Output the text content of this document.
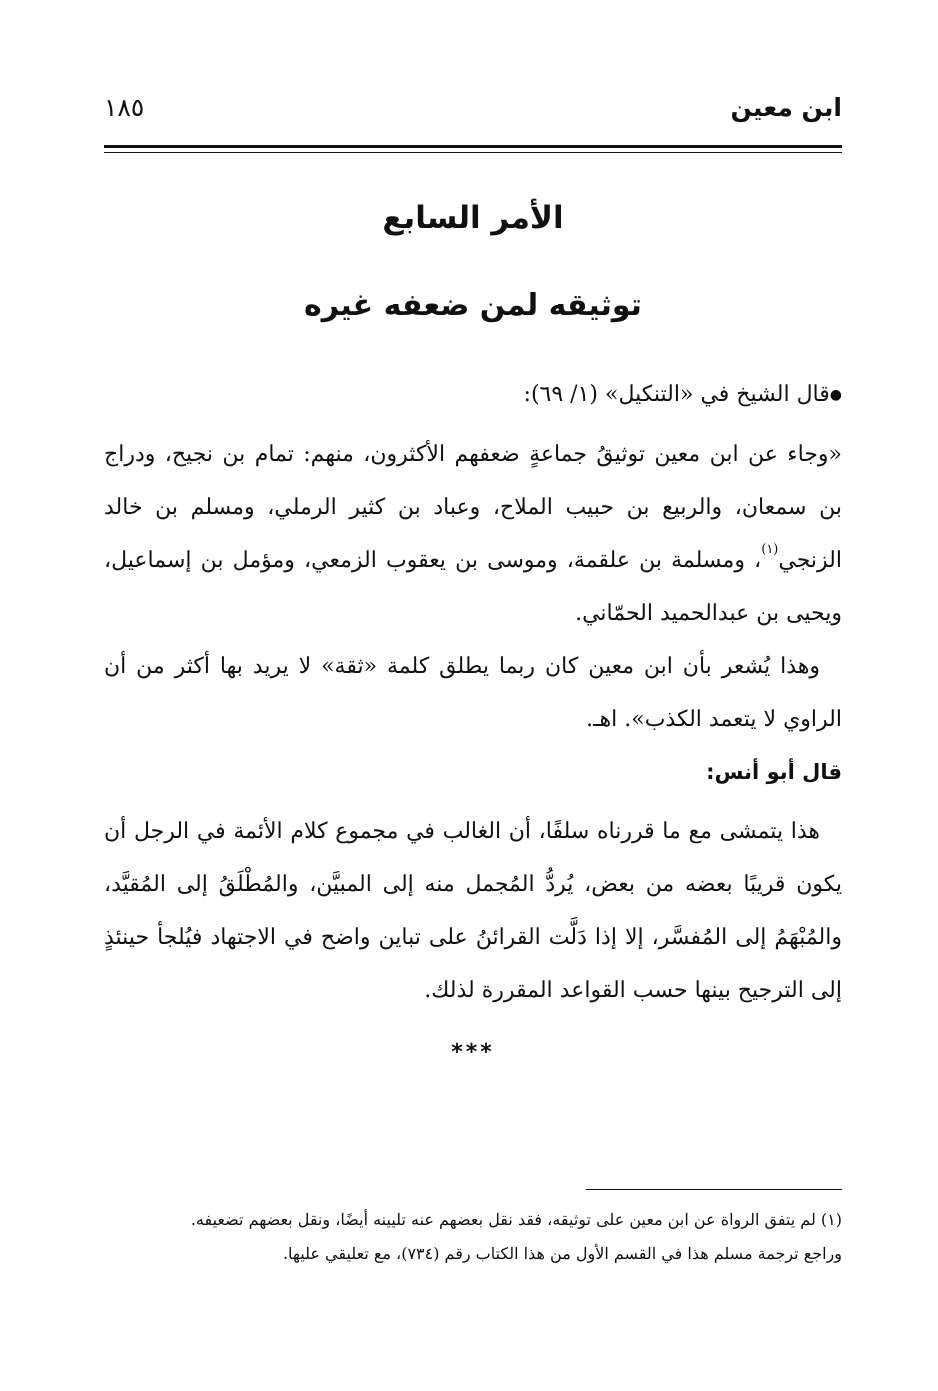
ابن معين
١٨٥
الأمر السابع
توثيقه لمن ضعفه غيره

●قال الشيخ في «التنكيل» (١/ ٦٩):

«وجاء عن ابن معين توثيقُ جماعةٍ ضعفهم الأكثرون، منهم: تمام بن نجيح، ودراج بن سمعان، والربيع بن حبيب الملاح، وعباد بن كثير الرملي، ومسلم بن خالد الزنجي$^{(١)}$، ومسلمة بن علقمة، وموسى بن يعقوب الزمعي، ومؤمل بن إسماعيل، ويحيى بن عبدالحميد الحمّاني.

وهذا يُشعر بأن ابن معين كان ربما يطلق كلمة «ثقة» لا يريد بها أكثر من أن الراوي لا يتعمد الكذب». اهـ.

قال أبو أنس:

هذا يتمشى مع ما قررناه سلفًا، أن الغالب في مجموع كلام الأئمة في الرجل أن يكون قريبًا بعضه من بعض، يُردُّ المُجمل منه إلى المبيَّن، والمُطْلَقُ إلى المُقيَّد، والمُبْهَمُ إلى المُفسَّر، إلا إذا دَلَّت القرائنُ على تباين واضح في الاجتهاد فيُلجأ حينئذٍ إلى الترجيح بينها حسب القواعد المقررة لذلك.

***

(١) لم يتفق الرواة عن ابن معين على توثيقه، فقد نقل بعضهم عنه تليينه أيضًا، ونقل بعضهم تضعيفه.

وراجع ترجمة مسلم هذا في القسم الأول من هذا الكتاب رقم (٧٣٤)، مع تعليقي عليها.
